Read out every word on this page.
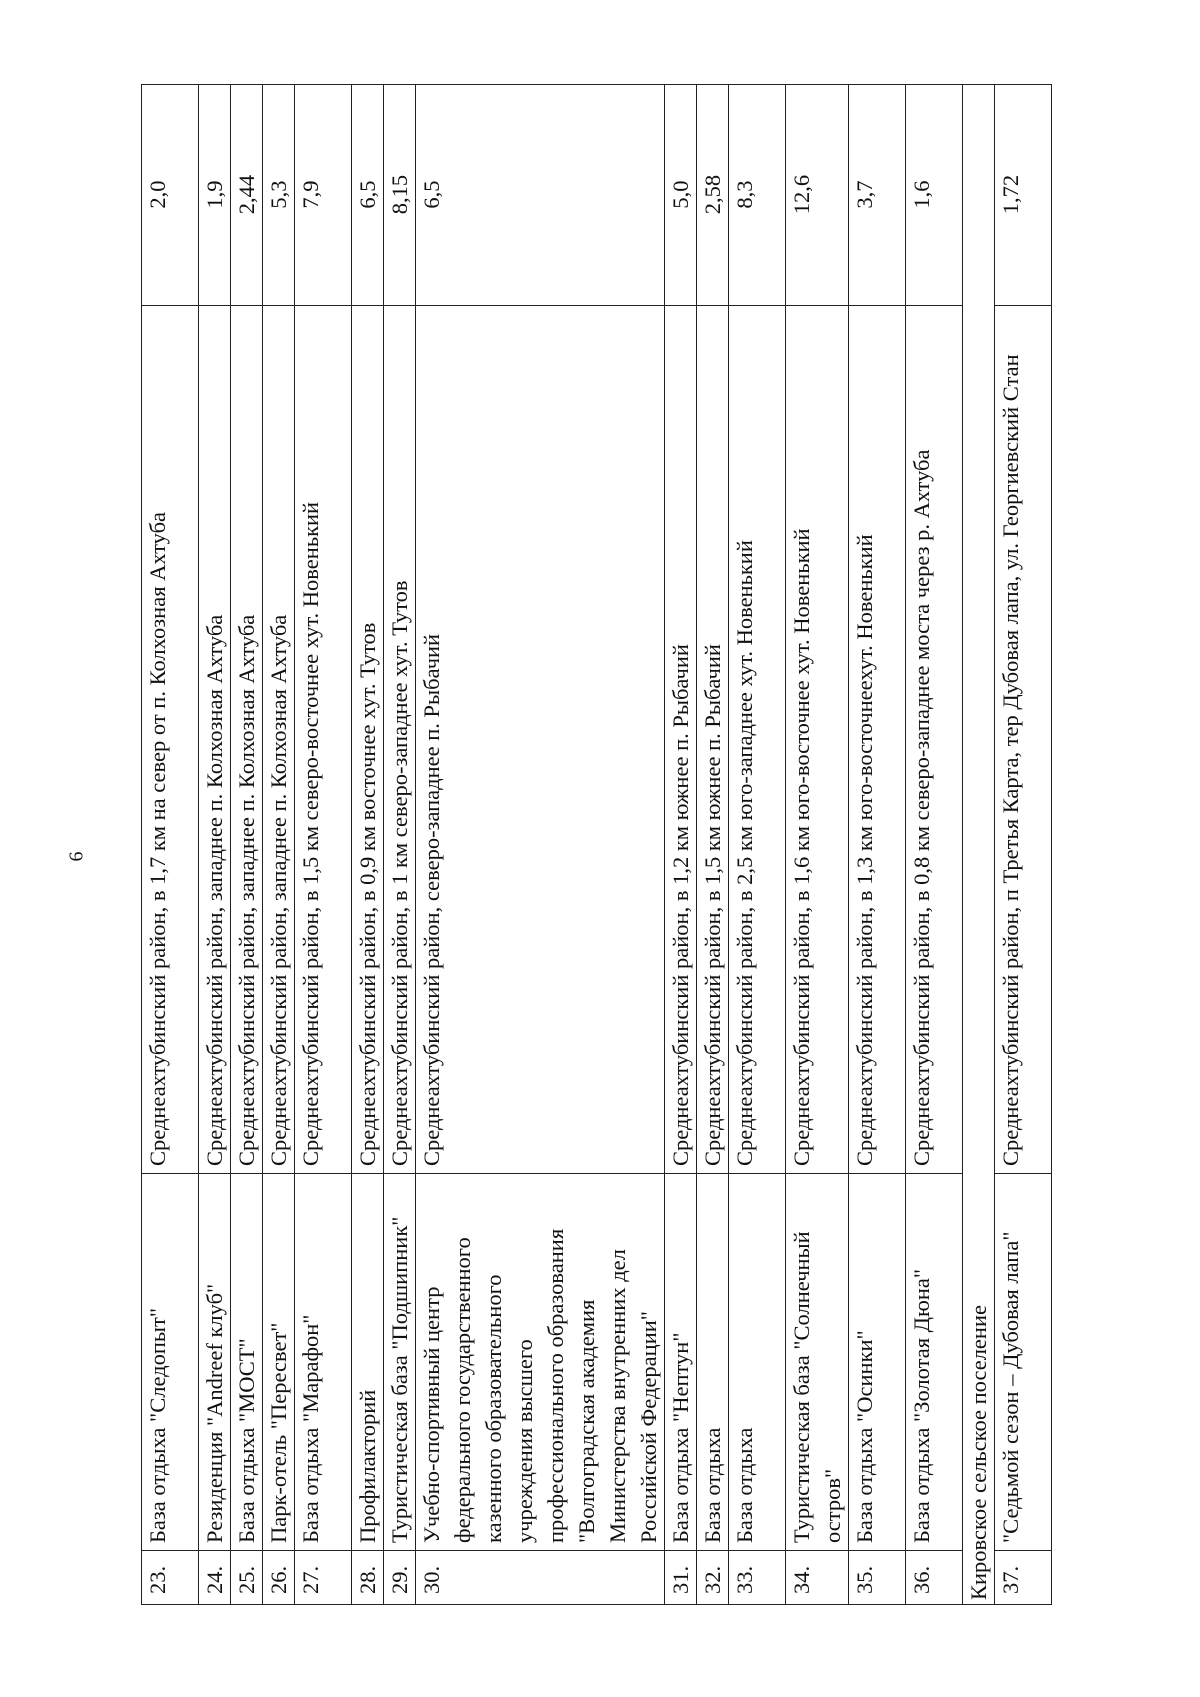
6
23.	База отдыха "Следопыт"	Среднеахтубинский район, в 1,7 км на север от п. Колхозная Ахтуба	2,0
24.	Резиденция "Andreef клуб"	Среднеахтубинский район, западнее п. Колхозная Ахтуба	1,9
25.	База отдыха "МОСТ"	Среднеахтубинский район, западнее п. Колхозная Ахтуба	2,44
26.	Парк-отель "Пересвет"	Среднеахтубинский район, западнее п. Колхозная Ахтуба	5,3
27.	База отдыха "Марафон"	Среднеахтубинский район, в 1,5 км северо-восточнее хут. Новенький	7,9
28.	Профилакторий	Среднеахтубинский район, в 0,9 км восточнее хут. Тутов	6,5
29.	Туристическая база "Подшипник"	Среднеахтубинский район, в 1 км северо-западнее хут. Тутов	8,15
30.	Учебно-спортивный центр федерального государственного казенного образовательного учреждения высшего профессионального образования "Волгоградская академия Министерства внутренних дел Российской Федерации"	Среднеахтубинский район, северо-западнее п. Рыбачий	6,5
31.	База отдыха "Нептун"	Среднеахтубинский район, в 1,2 км южнее п. Рыбачий	5,0
32.	База отдыха	Среднеахтубинский район, в 1,5 км южнее п. Рыбачий	2,58
33.	База отдыха	Среднеахтубинский район, в 2,5 км юго-западнее хут. Новенький	8,3
34.	Туристическая база "Солнечный остров"	Среднеахтубинский район, в 1,6 км юго-восточнее хут. Новенький	12,6
35.	База отдыха "Осинки"	Среднеахтубинский район, в 1,3 км юго-восточнеехут. Новенький	3,7
36.	База отдыха "Золотая Дюна"	Среднеахтубинский район, в 0,8 км северо-западнее моста через р. Ахтуба	1,6
Кировское сельское поселение			
37.	"Седьмой сезон – Дубовая лапа"	Среднеахтубинский район, п Третья Карта, тер Дубовая лапа, ул. Георгиевский Стан	1,72
